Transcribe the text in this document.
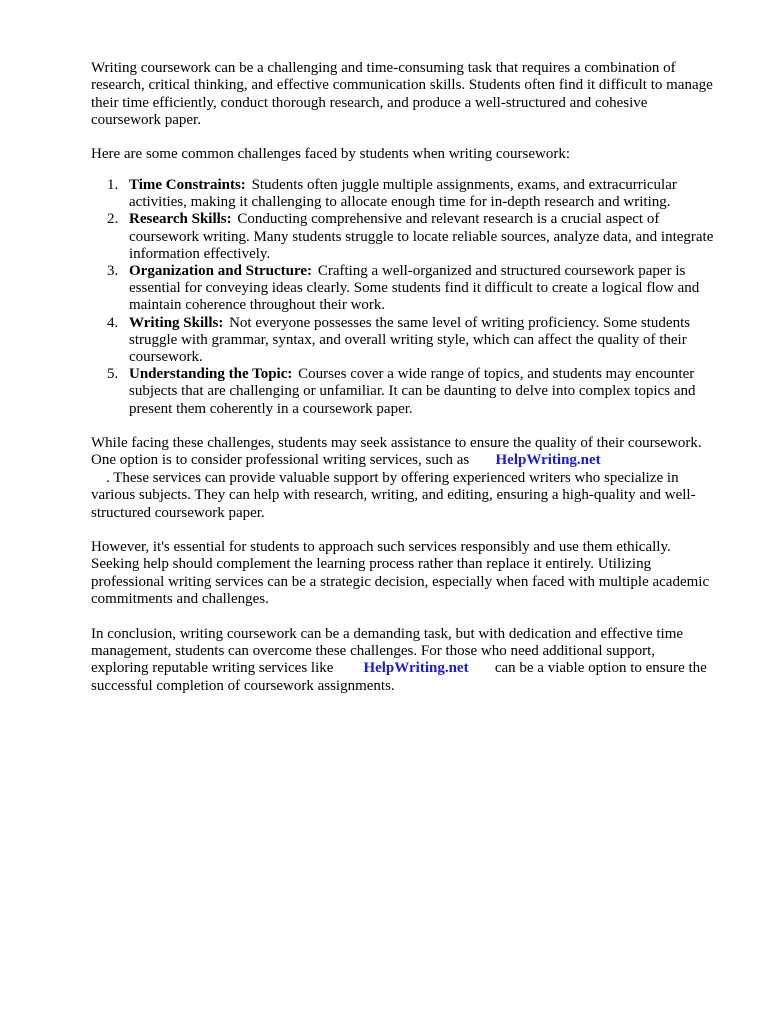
Writing coursework can be a challenging and time-consuming task that requires a combination of research, critical thinking, and effective communication skills. Students often find it difficult to manage their time efficiently, conduct thorough research, and produce a well-structured and cohesive coursework paper.

Here are some common challenges faced by students when writing coursework:

1. Time Constraints: Students often juggle multiple assignments, exams, and extracurricular activities, making it challenging to allocate enough time for in-depth research and writing.
2. Research Skills: Conducting comprehensive and relevant research is a crucial aspect of coursework writing. Many students struggle to locate reliable sources, analyze data, and integrate information effectively.
3. Organization and Structure: Crafting a well-organized and structured coursework paper is essential for conveying ideas clearly. Some students find it difficult to create a logical flow and maintain coherence throughout their work.
4. Writing Skills: Not everyone possesses the same level of writing proficiency. Some students struggle with grammar, syntax, and overall writing style, which can affect the quality of their coursework.
5. Understanding the Topic: Courses cover a wide range of topics, and students may encounter subjects that are challenging or unfamiliar. It can be daunting to delve into complex topics and present them coherently in a coursework paper.

While facing these challenges, students may seek assistance to ensure the quality of their coursework. One option is to consider professional writing services, such as HelpWriting.net
. These services can provide valuable support by offering experienced writers who specialize in various subjects. They can help with research, writing, and editing, ensuring a high-quality and well-structured coursework paper.

However, it's essential for students to approach such services responsibly and use them ethically. Seeking help should complement the learning process rather than replace it entirely. Utilizing professional writing services can be a strategic decision, especially when faced with multiple academic commitments and challenges.

In conclusion, writing coursework can be a demanding task, but with dedication and effective time management, students can overcome these challenges. For those who need additional support, exploring reputable writing services like HelpWriting.net can be a viable option to ensure the successful completion of coursework assignments.
